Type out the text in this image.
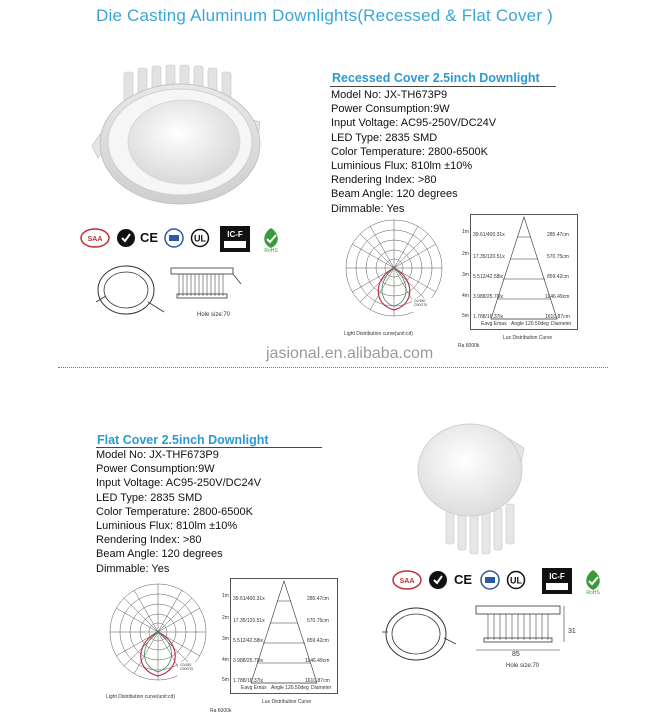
Die Casting Aluminum Downlights(Recessed & Flat Cover )
Recessed Cover 2.5inch Downlight
Model No: JX-TH673P9
Power Consumption:9W
Input Voltage: AC95-250V/DC24V
LED Type: 2835 SMD
Color Temperature: 2800-6500K
Luminious Flux: 810lm ±10%
Rendering Index: >80
Beam Angle: 120 degrees
Dimmable: Yes
SAA	CE	UL	IC-F
RoHS
Hole size:70
C0/180
C90/270
Light Distribution curve(unit:cd)
1m
2m
3m
4m
5m
39.61/400.31x
17.35/120.51x
5.512/42.58lx
3.988/25.70lx
1.788/16.37lx
285.47cm
570.75cm
859.42cm
1146.49cm
1610.87cm
Eavg Emax Angle 120.50deg Diameter
Lux Distribution Curve
Ra 6000k
jasional.en.alibaba.com
Flat Cover 2.5inch Downlight
Model No: JX-THF673P9
Power Consumption:9W
Input Voltage: AC95-250V/DC24V
LED Type: 2835 SMD
Color Temperature: 2800-6500K
Luminious Flux: 810lm ±10%
Rendering Index: >80
Beam Angle: 120 degrees
Dimmable: Yes
SAA	CE	UL	IC-F
RoHS
31
85
Hole size:70
C0/180
C90/270
Light Distribution curve(unit:cd)
1m
2m
3m
4m
5m
39.61/400.31x
17.35/120.51x
5.512/42.58lx
3.988/25.70lx
1.788/16.37lx
285.47cm
570.75cm
859.42cm
1146.49cm
1610.87cm
Eavg Emax Angle 120.50deg Diameter
Lux Distribution Curve
Ra 6000k
